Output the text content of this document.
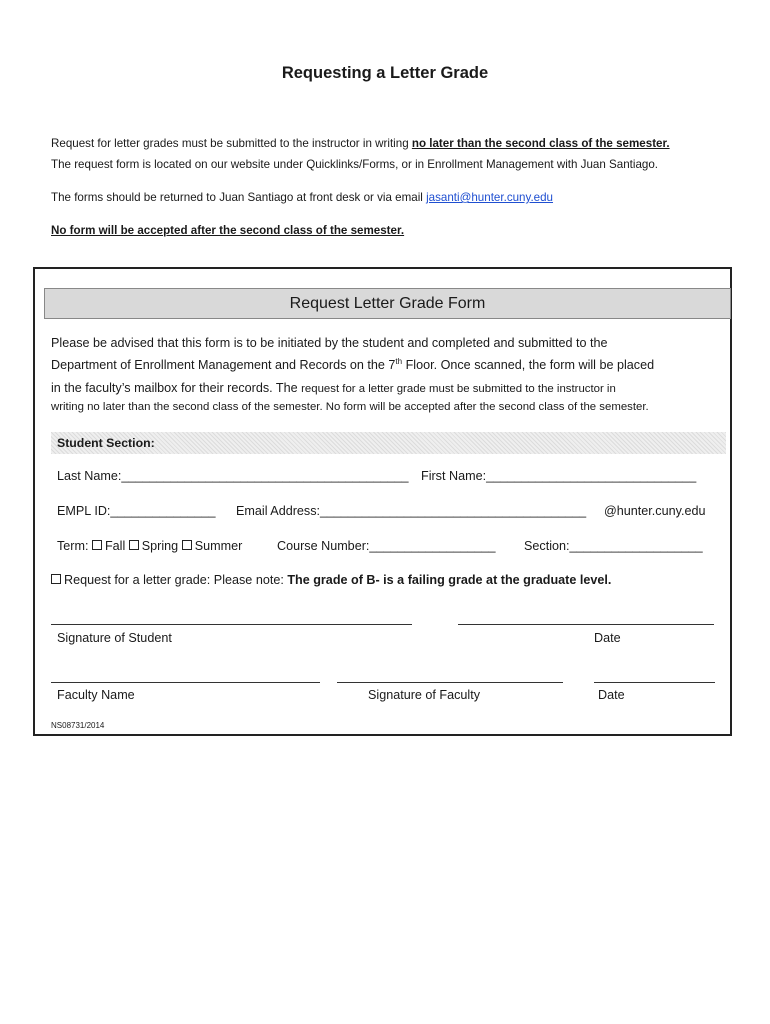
Requesting a Letter Grade
Request for letter grades must be submitted to the instructor in writing no later than the second class of the semester.
The request form is located on our website under Quicklinks/Forms, or in Enrollment Management with Juan Santiago.
The forms should be returned to Juan Santiago at front desk or via email jasanti@hunter.cuny.edu
No form will be accepted after the second class of the semester.
Request Letter Grade Form
Please be advised that this form is to be initiated by the student and completed and submitted to the
Department of Enrollment Management and Records on the 7th Floor. Once scanned, the form will be placed
in the faculty’s mailbox for their records. The request for a letter grade must be submitted to the instructor in
writing no later than the second class of the semester. No form will be accepted after the second class of the semester.
Student Section:
Last Name:_________________________________________ First Name:______________________________
EMPL ID:_______________ Email Address:______________________________________ @hunter.cuny.edu
Term: Fall Spring Summer	Course Number:__________________ Section:___________________
Request for a letter grade: Please note: The grade of B- is a failing grade at the graduate level.
Signature of Student	Date
Faculty Name	Signature of Faculty	Date
NS08731/2014
